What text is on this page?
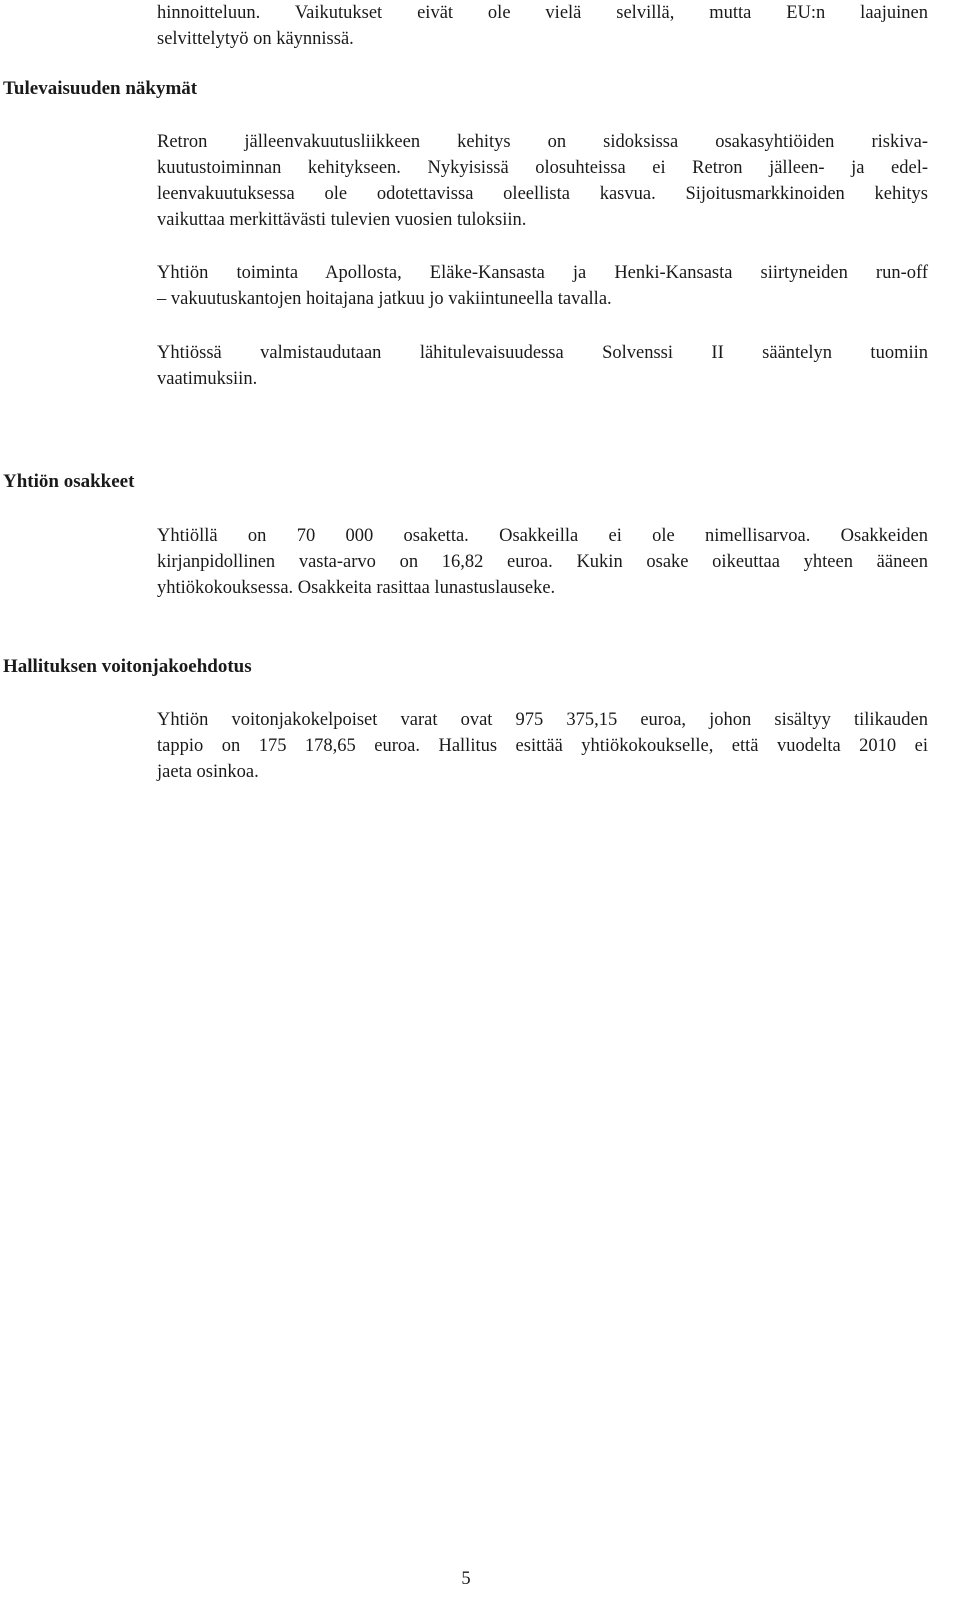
hinnoitteluun. Vaikutukset eivät ole vielä selvillä, mutta EU:n laajuinen
selvittelytyö on käynnissä.

Tulevaisuuden näkymät

Retron jälleenvakuutusliikkeen kehitys on sidoksissa osakasyhtiöiden riskiva-
kuutustoiminnan kehitykseen. Nykyisissä olosuhteissa ei Retron jälleen- ja edel-
leenvakuutuksessa ole odotettavissa oleellista kasvua. Sijoitusmarkkinoiden kehitys
vaikuttaa merkittävästi tulevien vuosien tuloksiin.

Yhtiön toiminta Apollosta, Eläke-Kansasta ja Henki-Kansasta siirtyneiden run-off
– vakuutuskantojen hoitajana jatkuu jo vakiintuneella tavalla.

Yhtiössä valmistaudutaan lähitulevaisuudessa Solvenssi II sääntelyn tuomiin
vaatimuksiin.

Yhtiön osakkeet

Yhtiöllä on 70 000 osaketta. Osakkeilla ei ole nimellisarvoa. Osakkeiden
kirjanpidollinen vasta-arvo on 16,82 euroa. Kukin osake oikeuttaa yhteen ääneen
yhtiökokouksessa. Osakkeita rasittaa lunastuslauseke.

Hallituksen voitonjakoehdotus

Yhtiön voitonjakokelpoiset varat ovat 975 375,15 euroa, johon sisältyy tilikauden
tappio on 175 178,65 euroa. Hallitus esittää yhtiökokoukselle, että vuodelta 2010 ei
jaeta osinkoa.

5
